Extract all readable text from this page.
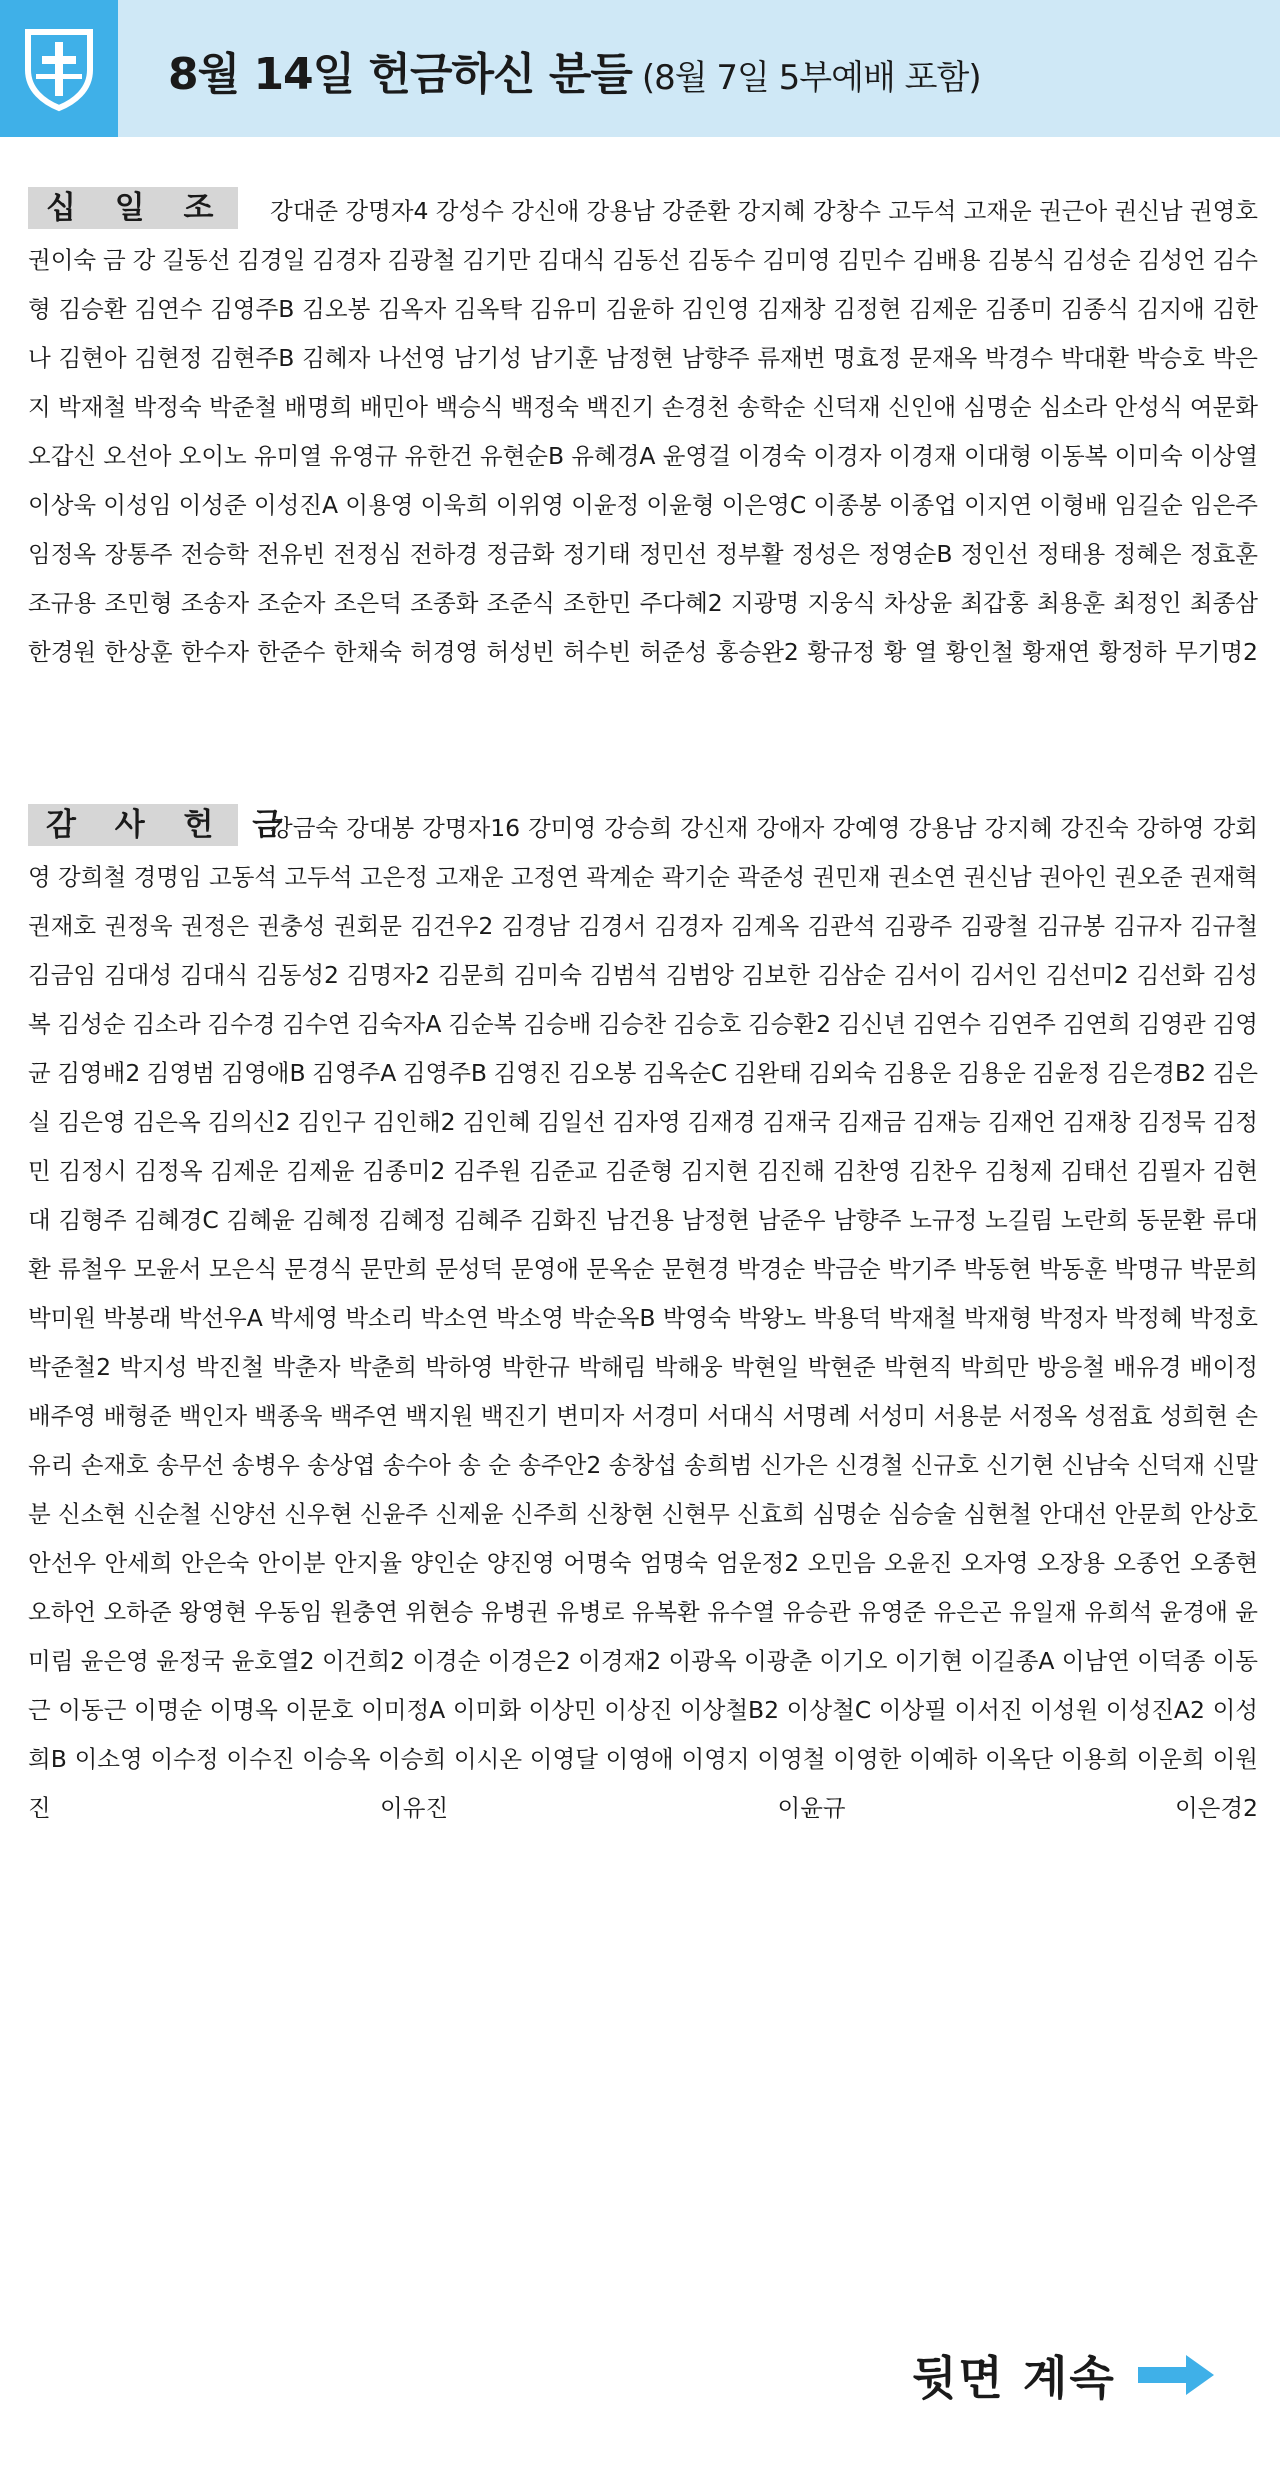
8월 14일 헌금하신 분들 (8월 7일 5부예배 포함)
십 일 조	강대준 강명자4 강성수 강신애 강용남 강준환 강지혜 강창수 고두석 고재운 권근아 권신남 권영호 권이숙 금 강 길동선 김경일 김경자 김광철 김기만 김대식 김동선 김동수 김미영 김민수 김배용 김봉식 김성순 김성언 김수형 김승환 김연수 김영주B 김오봉 김옥자 김옥탁 김유미 김윤하 김인영 김재창 김정현 김제운 김종미 김종식 김지애 김한나 김현아 김현정 김현주B 김혜자 나선영 남기성 남기훈 남정현 남향주 류재번 명효정 문재옥 박경수 박대환 박승호 박은지 박재철 박정숙 박준철 배명희 배민아 백승식 백정숙 백진기 손경천 송학순 신덕재 신인애 심명순 심소라 안성식 여문화 오갑신 오선아 오이노 유미열 유영규 유한건 유현순B 유혜경A 윤영걸 이경숙 이경자 이경재 이대형 이동복 이미숙 이상열 이상욱 이성임 이성준 이성진A 이용영 이욱희 이위영 이윤정 이윤형 이은영C 이종봉 이종업 이지연 이형배 임길순 임은주 임정옥 장통주 전승학 전유빈 전정심 전하경 정금화 정기태 정민선 정부활 정성은 정영순B 정인선 정태용 정혜은 정효훈 조규용 조민형 조송자 조순자 조은덕 조종화 조준식 조한민 주다혜2 지광명 지웅식 차상윤 최갑홍 최용훈 최정인 최종삼 한경원 한상훈 한수자 한준수 한채숙 허경영 허성빈 허수빈 허준성 홍승완2 황규정 황 열 황인철 황재연 황정하 무기명2

감 사 헌 금

강금숙 강대봉 강명자16 강미영 강승희 강신재 강애자 강예영 강용남 강지혜 강진숙 강하영 강회영 강희철 경명임 고동석 고두석 고은정 고재운 고정연 곽계순 곽기순 곽준성 권민재 권소연 권신남 권아인 권오준 권재혁 권재호 권정욱 권정은 권충성 권회문 김건우2 김경남 김경서 김경자 김계옥 김관석 김광주 김광철 김규봉 김규자 김규철 김금임 김대성 김대식 김동성2 김명자2 김문희 김미숙 김범석 김범앙 김보한 김삼순 김서이 김서인 김선미2 김선화 김성복 김성순 김소라 김수경 김수연 김숙자A 김순복 김승배 김승찬 김승호 김승환2 김신년 김연수 김연주 김연희 김영관 김영균 김영배2 김영범 김영애B 김영주A 김영주B 김영진 김오봉 김옥순C 김완태 김외숙 김용운 김용운 김윤정 김은경B2 김은실 김은영 김은옥 김의신2 김인구 김인해2 김인혜 김일선 김자영 김재경 김재국 김재금 김재능 김재언 김재창 김정묵 김정민 김정시 김정옥 김제운 김제윤 김종미2 김주원 김준교 김준형 김지현 김진해 김찬영 김찬우 김청제 김태선 김필자 김현대 김형주 김혜경C 김혜윤 김혜정 김혜정 김혜주 김화진 남건용 남정현 남준우 남향주 노규정 노길림 노란희 동문환 류대환 류철우 모윤서 모은식 문경식 문만희 문성덕 문영애 문옥순 문현경 박경순 박금순 박기주 박동현 박동훈 박명규 박문희 박미원 박봉래 박선우A 박세영 박소리 박소연 박소영 박순옥B 박영숙 박왕노 박용덕 박재철 박재형 박정자 박정혜 박정호 박준철2 박지성 박진철 박춘자 박춘희 박하영 박한규 박해림 박해웅 박현일 박현준 박현직 박희만 방응철 배유경 배이정 배주영 배형준 백인자 백종욱 백주연 백지원 백진기 변미자 서경미 서대식 서명례 서성미 서용분 서정옥 성점효 성희현 손유리 손재호 송무선 송병우 송상엽 송수아 송 순 송주안2 송창섭 송희범 신가은 신경철 신규호 신기현 신남숙 신덕재 신말분 신소현 신순철 신양선 신우현 신윤주 신제윤 신주희 신창현 신현무 신효희 심명순 심승술 심현철 안대선 안문희 안상호 안선우 안세희 안은숙 안이분 안지율 양인순 양진영 어명숙 엄명숙 엄운정2 오민음 오윤진 오자영 오장용 오종언 오종현 오하언 오하준 왕영현 우동임 원충연 위현승 유병권 유병로 유복환 유수열 유승관 유영준 유은곤 유일재 유희석 윤경애 윤미림 윤은영 윤정국 윤호열2 이건희2 이경순 이경은2 이경재2 이광옥 이광춘 이기오 이기현 이길종A 이남연 이덕종 이동근 이동근 이명순 이명옥 이문호 이미정A 이미화 이상민 이상진 이상철B2 이상철C 이상필 이서진 이성원 이성진A2 이성희B 이소영 이수정 이수진 이승옥 이승희 이시온 이영달 이영애 이영지 이영철 이영한 이예하 이옥단 이용희 이운희 이원진 이유진 이윤규 이은경2

뒷면 계속
